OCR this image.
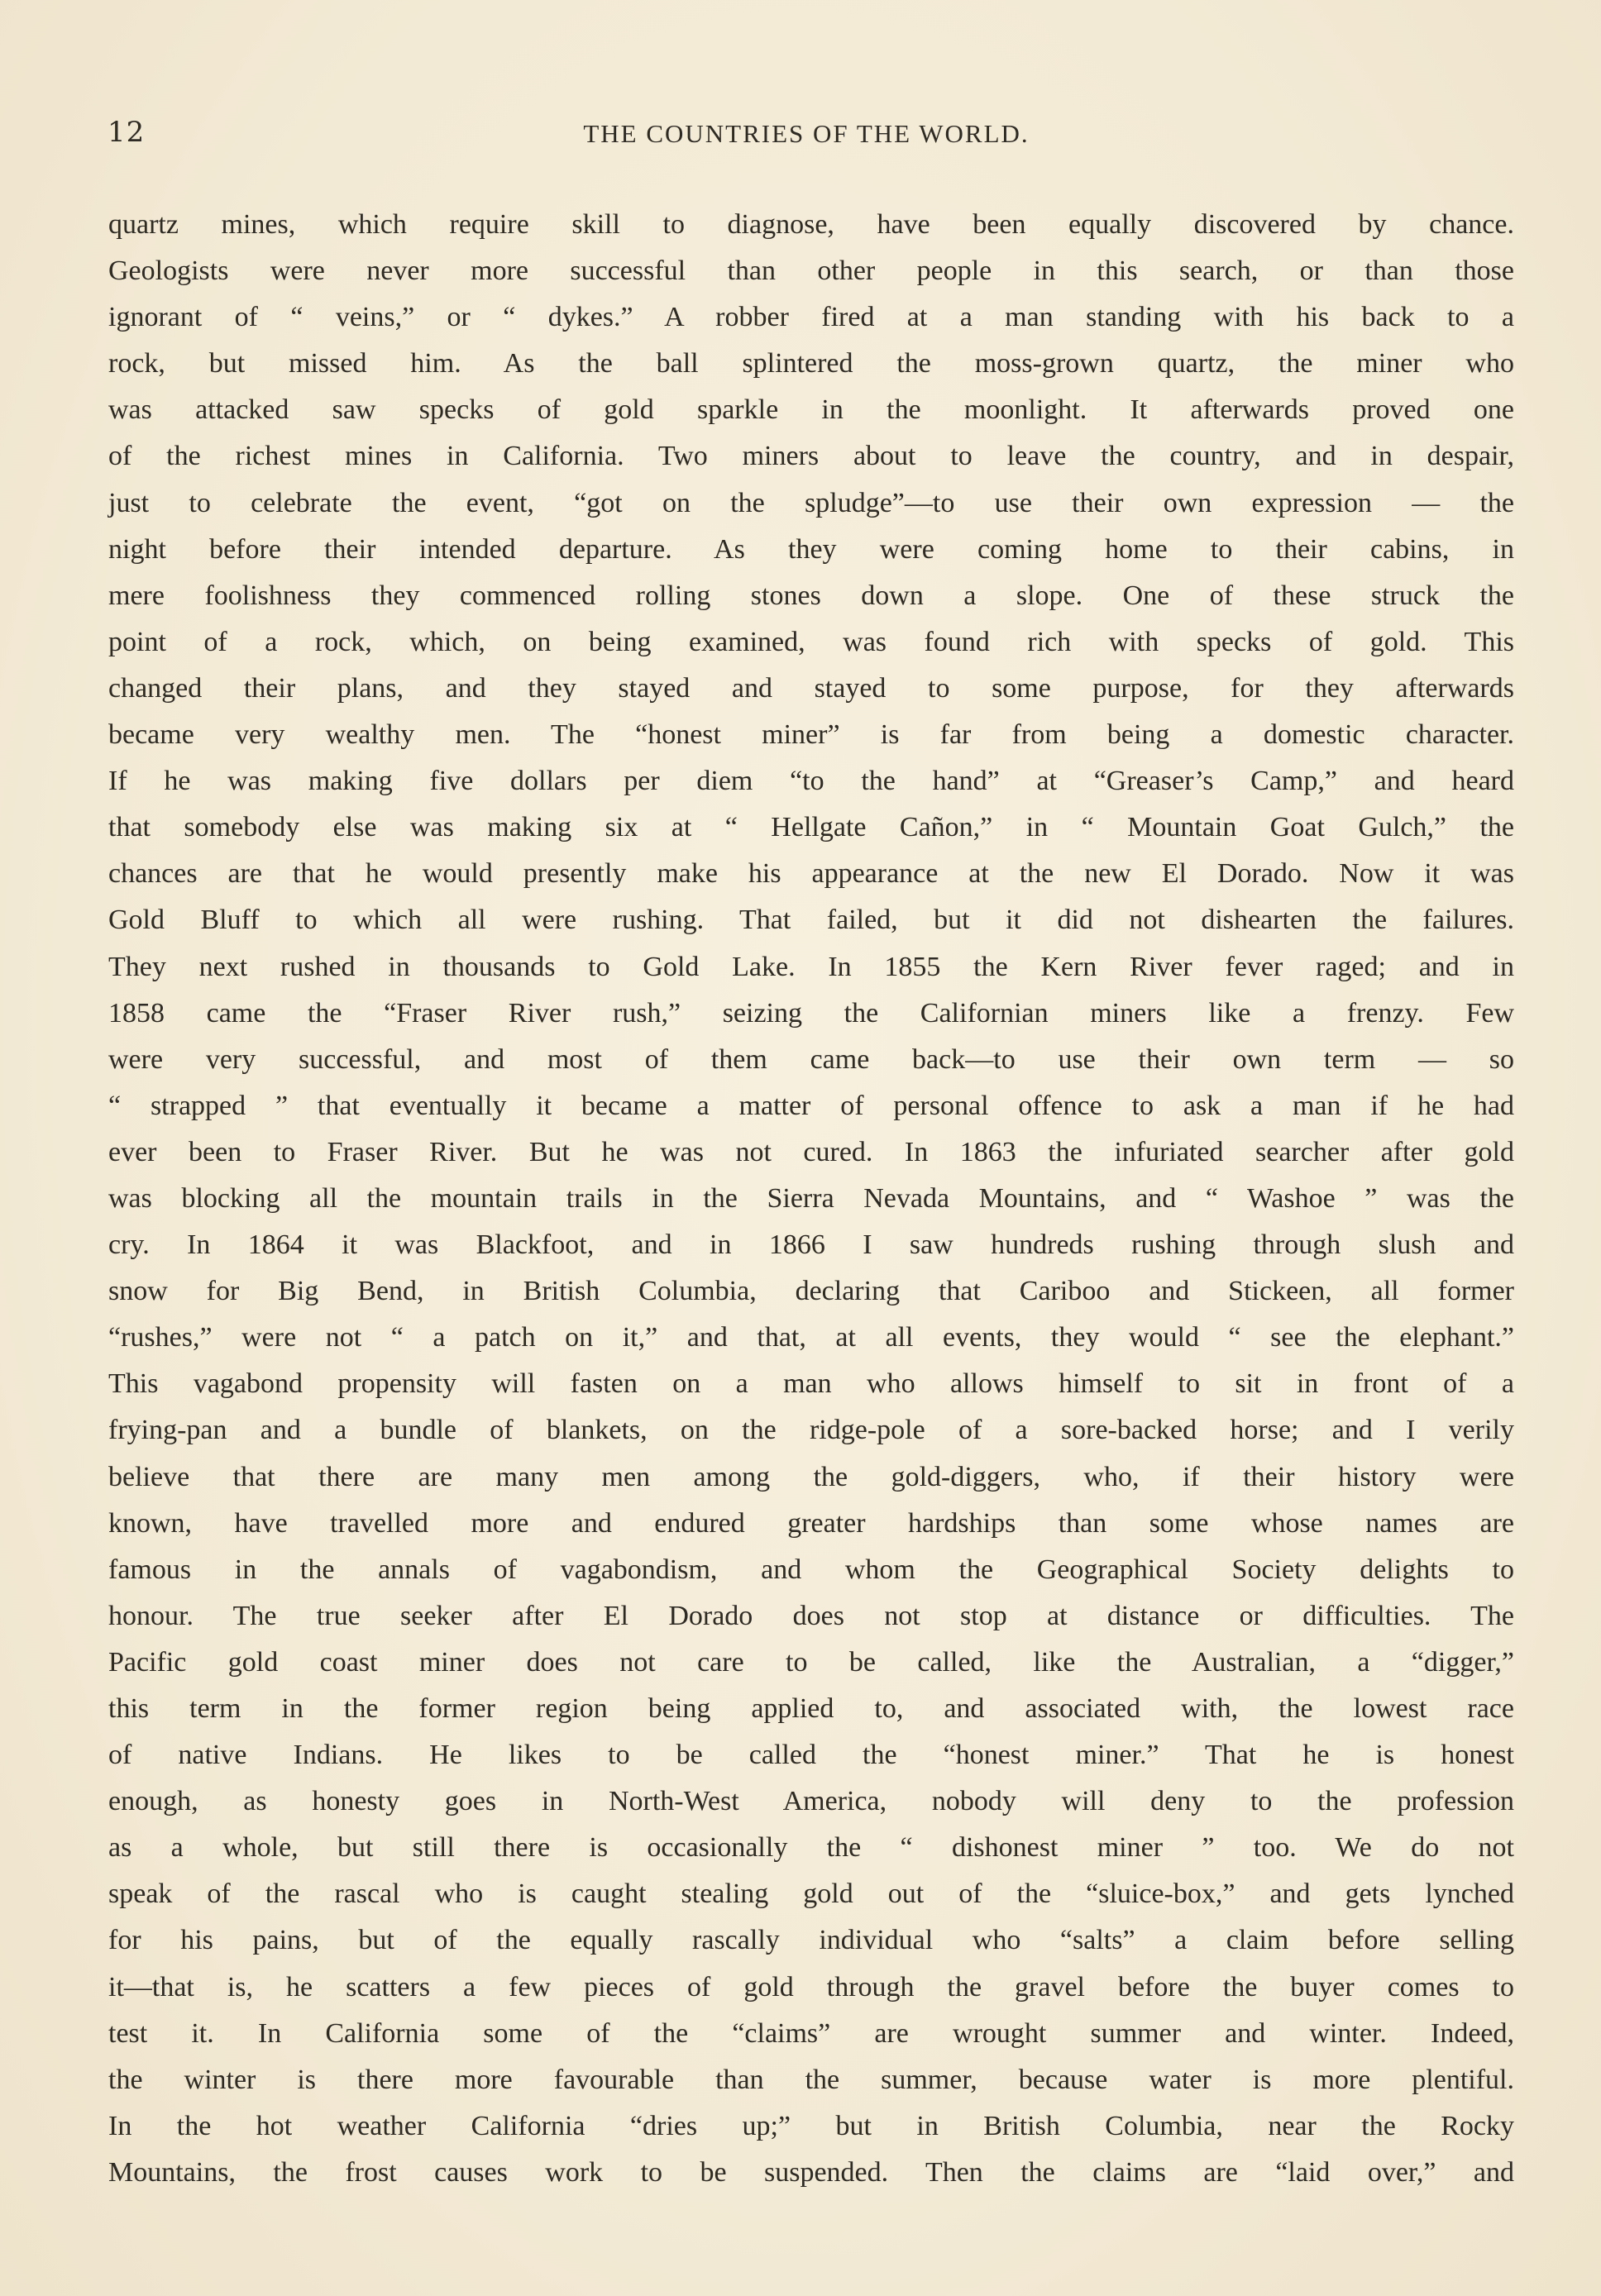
12	THE COUNTRIES OF THE WORLD.
quartz mines, which require skill to diagnose, have been equally discovered by chance.
Geologists were never more successful than other people in this search, or than those
ignorant of “ veins,” or “ dykes.” A robber fired at a man standing with his back to a
rock, but missed him. As the ball splintered the moss-grown quartz, the miner who
was attacked saw specks of gold sparkle in the moonlight. It afterwards proved one
of the richest mines in California. Two miners about to leave the country, and in despair,
just to celebrate the event, “got on the spludge”—to use their own expression — the
night before their intended departure. As they were coming home to their cabins, in
mere foolishness they commenced rolling stones down a slope. One of these struck the
point of a rock, which, on being examined, was found rich with specks of gold. This
changed their plans, and they stayed and stayed to some purpose, for they afterwards
became very wealthy men. The “honest miner” is far from being a domestic character.
If he was making five dollars per diem “to the hand” at “Greaser’s Camp,” and heard
that somebody else was making six at “ Hellgate Cañon,” in “ Mountain Goat Gulch,” the
chances are that he would presently make his appearance at the new El Dorado. Now it was
Gold Bluff to which all were rushing. That failed, but it did not dishearten the failures.
They next rushed in thousands to Gold Lake. In 1855 the Kern River fever raged; and in
1858 came the “Fraser River rush,” seizing the Californian miners like a frenzy. Few
were very successful, and most of them came back—to use their own term — so
“ strapped ” that eventually it became a matter of personal offence to ask a man if he had
ever been to Fraser River. But he was not cured. In 1863 the infuriated searcher after gold
was blocking all the mountain trails in the Sierra Nevada Mountains, and “ Washoe ” was the
cry. In 1864 it was Blackfoot, and in 1866 I saw hundreds rushing through slush and
snow for Big Bend, in British Columbia, declaring that Cariboo and Stickeen, all former
“rushes,” were not “ a patch on it,” and that, at all events, they would “ see the elephant.”
This vagabond propensity will fasten on a man who allows himself to sit in front of a
frying-pan and a bundle of blankets, on the ridge-pole of a sore-backed horse; and I verily
believe that there are many men among the gold-diggers, who, if their history were
known, have travelled more and endured greater hardships than some whose names are
famous in the annals of vagabondism, and whom the Geographical Society delights to
honour. The true seeker after El Dorado does not stop at distance or difficulties. The
Pacific gold coast miner does not care to be called, like the Australian, a “digger,”
this term in the former region being applied to, and associated with, the lowest race
of native Indians. He likes to be called the “honest miner.” That he is honest
enough, as honesty goes in North-West America, nobody will deny to the profession
as a whole, but still there is occasionally the “ dishonest miner ” too. We do not
speak of the rascal who is caught stealing gold out of the “sluice-box,” and gets lynched
for his pains, but of the equally rascally individual who “salts” a claim before selling
it—that is, he scatters a few pieces of gold through the gravel before the buyer comes to
test it. In California some of the “claims” are wrought summer and winter. Indeed,
the winter is there more favourable than the summer, because water is more plentiful.
In the hot weather California “dries up;” but in British Columbia, near the Rocky
Mountains, the frost causes work to be suspended. Then the claims are “laid over,” and
